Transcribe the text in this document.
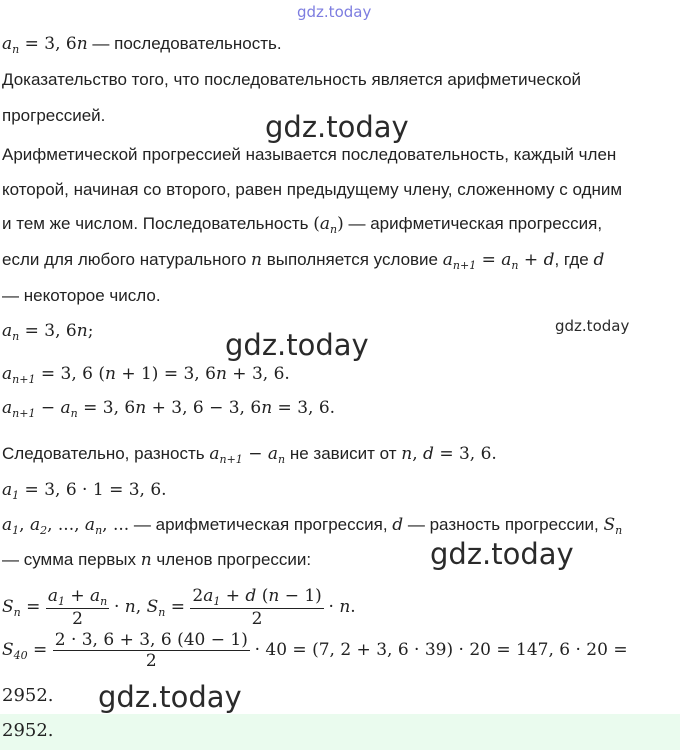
gdz.today
gdz.today
gdz.today
gdz.today
gdz.today
gdz.today
$a_n = 3$, 6n — последовательность.
Доказательство того, что последовательность является арифметической
прогрессией.
Арифметической прогрессией называется последовательность, каждый член
которой, начиная со второго, равен предыдущему члену, сложенному с одним
и тем же числом. Последовательность $(a_n)$ — арифметическая прогрессия,
если для любого натурального n выполняется условие $a_{n+1} = a_n + d$, где d
— некоторое число.
$a_n = 3$, 6n;
$a_{n+1} = 3$, 6 (n + 1) = 3, 6n + 3, 6.
$a_{n+1} - a_n = 3$, 6n + 3, 6 − 3, 6n = 3, 6.
Следовательно, разность $a_{n+1} - a_n$ не зависит от n, d = 3, 6.
$a_1 = 3$, 6 · 1 = 3, 6.
$a_1$, $a_2$, ..., $a_n$, ... — арифметическая прогрессия, d — разность прогрессии, $S_n$
— сумма первых n членов прогрессии:
$S_n = \frac{a_1 + a_n}{2} \cdot n$, $S_n = \frac{2a_1 + d (n - 1)}{2} \cdot n$.
$S_{40} = \frac{2 \cdot 3, 6 + 3, 6 (40 - 1)}{2} \cdot 40 = (7$, 2 + 3, 6 · 39) · 20 = 147, 6 · 20 =
2952.
2952.
